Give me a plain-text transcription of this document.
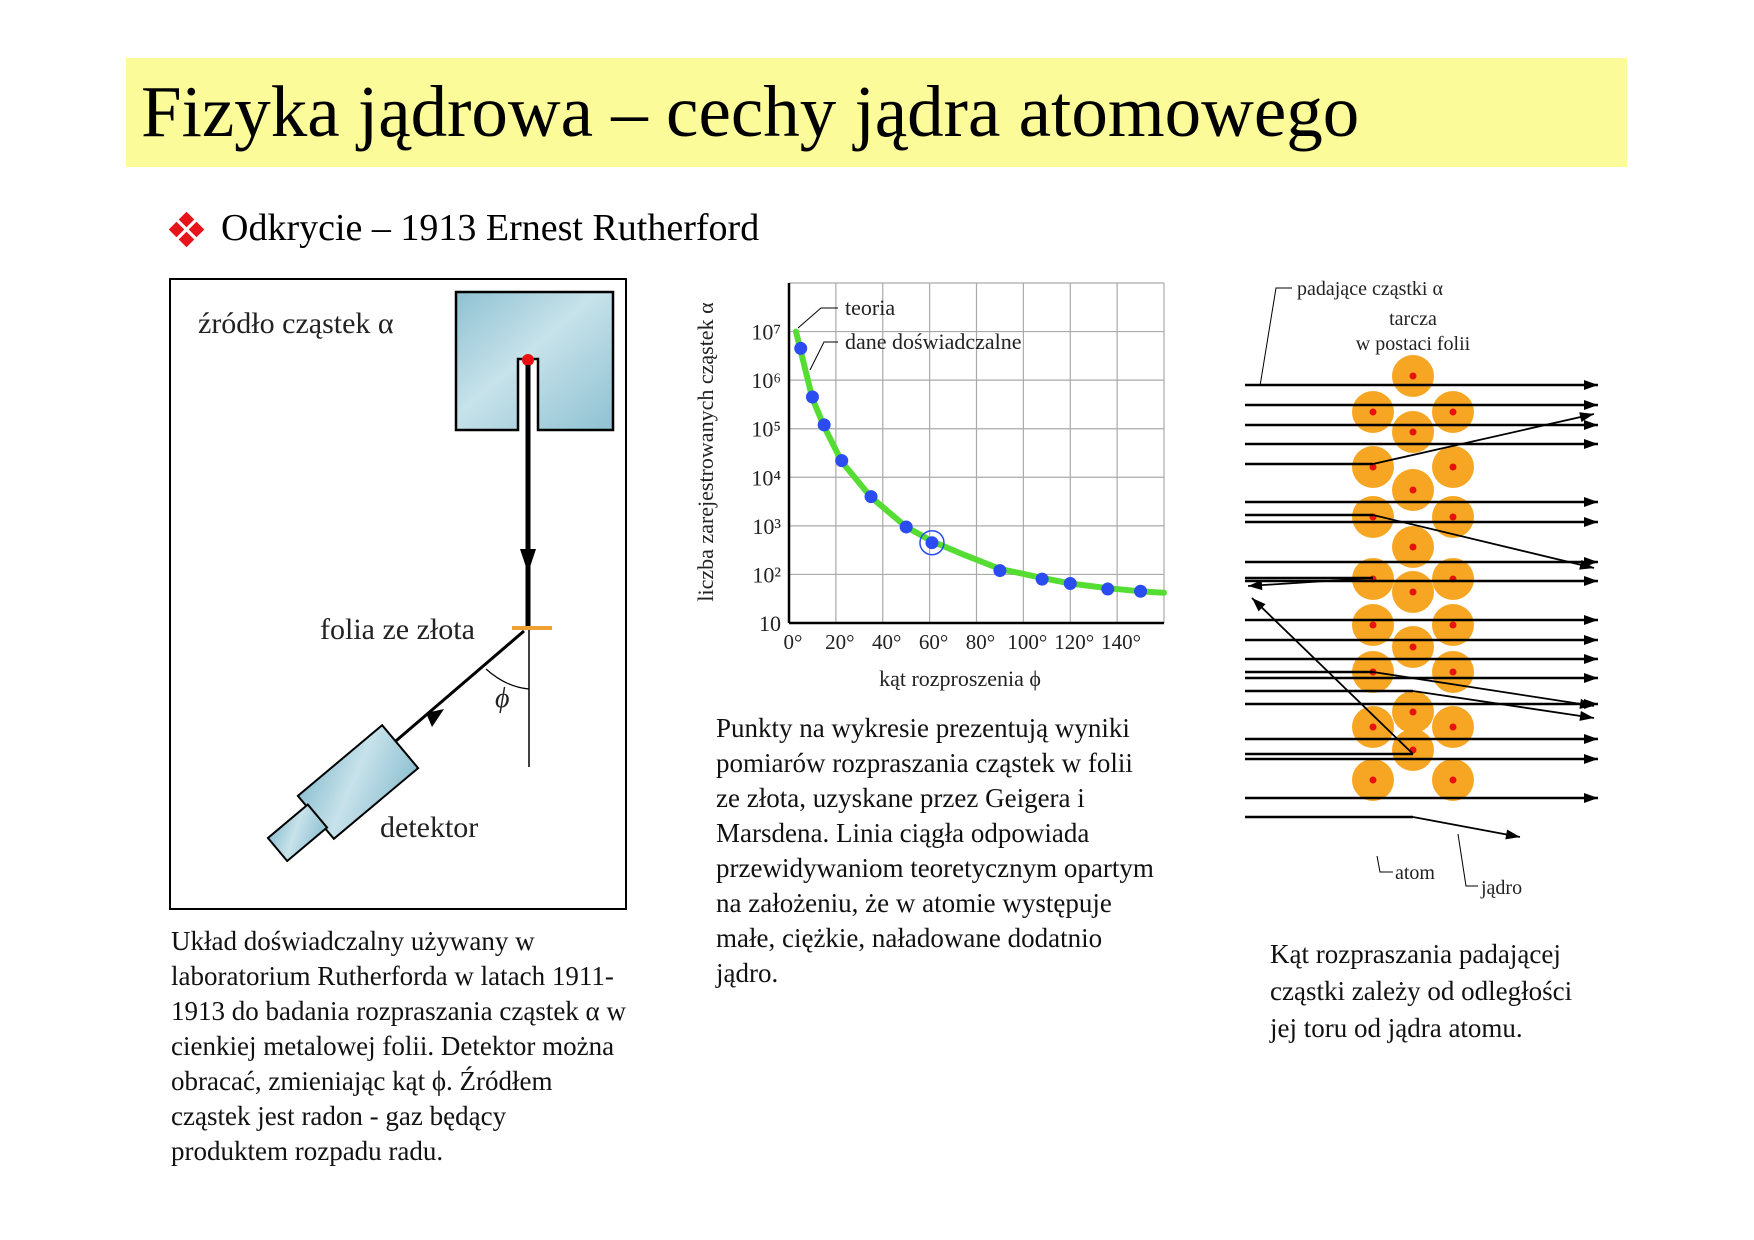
Fizyka jądrowa – cechy jądra atomowego
Odkrycie – 1913 Ernest Rutherford
źródło cząstek α
folia ze złota
ϕ
detektor
10
10²
10³
10⁴
10⁵
10⁶
10⁷
0° 20° 40° 60° 80° 100° 120° 140°
teoria
dane doświadczalne
kąt rozproszenia ϕ
liczba zarejestrowanych cząstek α
padające cząstki α
tarcza
w postaci folii
atom
jądro
Układ doświadczalny używany w
laboratorium Rutherforda w latach 1911-
1913 do badania rozpraszania cząstek α w
cienkiej metalowej folii. Detektor można
obracać, zmieniając kąt ϕ. Źródłem
cząstek jest radon - gaz będący
produktem rozpadu radu.
Punkty na wykresie prezentują wyniki
pomiarów rozpraszania cząstek w folii
ze złota, uzyskane przez Geigera i
Marsdena. Linia ciągła odpowiada
przewidywaniom teoretycznym opartym
na założeniu, że w atomie występuje
małe, ciężkie, naładowane dodatnio
jądro.
Kąt rozpraszania padającej
cząstki zależy od odległości
jej toru od jądra atomu.
